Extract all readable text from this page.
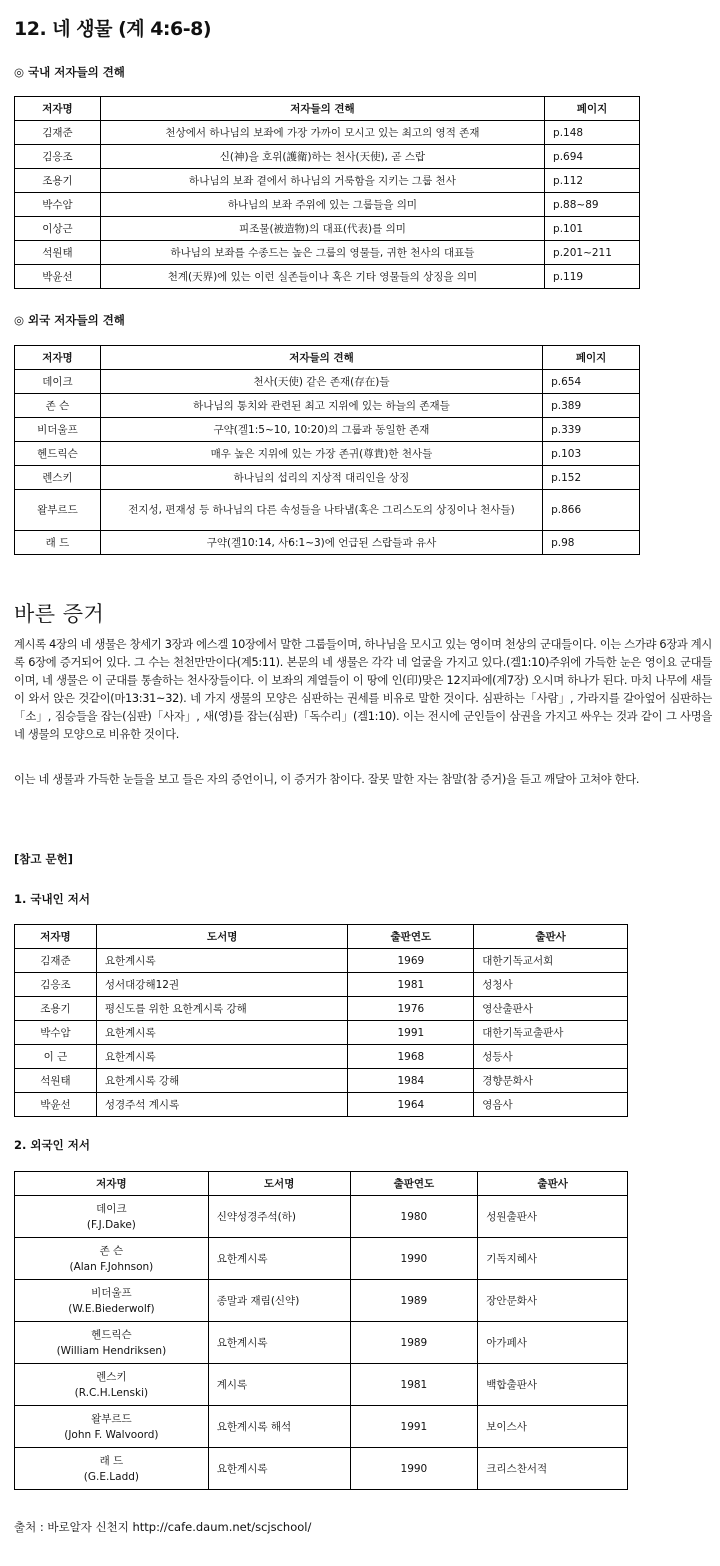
12. 네 생물 (계 4:6-8)
◎ 국내 저자들의 견해
저자명	저자들의 견해	페이지
김재준	천상에서 하나님의 보좌에 가장 가까이 모시고 있는 최고의 영적 존재	p.148
김응조	신(神)을 호위(護衛)하는 천사(天使), 곧 스랍	p.694
조용기	하나님의 보좌 곁에서 하나님의 거룩함을 지키는 그룹 천사	p.112
박수암	하나님의 보좌 주위에 있는 그룹들을 의미	p.88~89
이상근	피조물(被造物)의 대표(代表)를 의미	p.101
석원태	하나님의 보좌를 수종드는 높은 그룹의 영물들, 귀한 천사의 대표들	p.201~211
박윤선	천계(天界)에 있는 이런 실존들이나 혹은 기타 영물들의 상징을 의미	p.119
◎ 외국 저자들의 견해
저자명	저자들의 견해	페이지
데이크	천사(天使) 같은 존재(存在)들	p.654
존 슨	하나님의 통치와 관련된 최고 지위에 있는 하늘의 존재들	p.389
비더울프	구약(겔1:5~10, 10:20)의 그룹과 동일한 존재	p.339
헨드릭슨	매우 높은 지위에 있는 가장 존귀(尊貴)한 천사들	p.103
렌스키	하나님의 섭리의 지상적 대리인을 상징	p.152
왈부르드	전지성, 편재성 등 하나님의 다른 속성들을 나타냄(혹은 그리스도의 상징이나 천사들)	p.866
래 드	구약(겔10:14, 사6:1~3)에 언급된 스랍들과 유사	p.98
바른 증거

계시록 4장의 네 생물은 창세기 3장과 에스겔 10장에서 말한 그룹들이며, 하나님을 모시고 있는 영이며 천상의 군대들이다. 이는 스가랴 6장과 계시록 6장에 증거되어 있다. 그 수는 천천만만이다(계5:11). 본문의 네 생물은 각각 네 얼굴을 가지고 있다.(겔1:10)주위에 가득한 눈은 영이요 군대들이며, 네 생물은 이 군대를 통솔하는 천사장들이다. 이 보좌의 계열들이 이 땅에 인(印)맞은 12지파에(계7장) 오시며 하나가 된다. 마치 나무에 새들이 와서 앉은 것같이(마13:31~32). 네 가지 생물의 모양은 심판하는 권세를 비유로 말한 것이다. 심판하는「사람」, 가라지를 갈아엎어 심판하는「소」, 짐승들을 잡는(심판)「사자」, 새(영)를 잡는(심판)「독수리」(겔1:10). 이는 전시에 군인들이 삼권을 가지고 싸우는 것과 같이 그 사명을 네 생물의 모양으로 비유한 것이다.

이는 네 생물과 가득한 눈들을 보고 들은 자의 증언이니, 이 증거가 참이다. 잘못 말한 자는 참말(참 증거)을 듣고 깨달아 고쳐야 한다.

[참고 문헌]
1. 국내인 저서
저자명	도서명	출판연도	출판사
김재준	요한계시록	1969	대한기독교서회
김응조	성서대강해12권	1981	성청사
조용기	평신도를 위한 요한계시록 강해	1976	영산출판사
박수암	요한계시록	1991	대한기독교출판사
이 근	요한계시록	1968	성등사
석원태	요한계시록 강해	1984	경향문화사
박윤선	성경주석 계시록	1964	영음사
2. 외국인 저서
저자명	도서명	출판연도	출판사
데이크
(F.J.Dake)	신약성경주석(하)	1980	성원출판사
존 슨
(Alan F.Johnson)	요한계시록	1990	기독지혜사
비더울프
(W.E.Biederwolf)	종말과 재림(신약)	1989	장안문화사
헨드릭슨
(William Hendriksen)	요한계시록	1989	아가페사
렌스키
(R.C.H.Lenski)	계시록	1981	백합출판사
왈부르드
(John F. Walvoord)	요한계시록 해석	1991	보이스사
래 드
(G.E.Ladd)	요한계시록	1990	크리스찬서적
출처 : 바로알자 신천지 http://cafe.daum.net/scjschool/
